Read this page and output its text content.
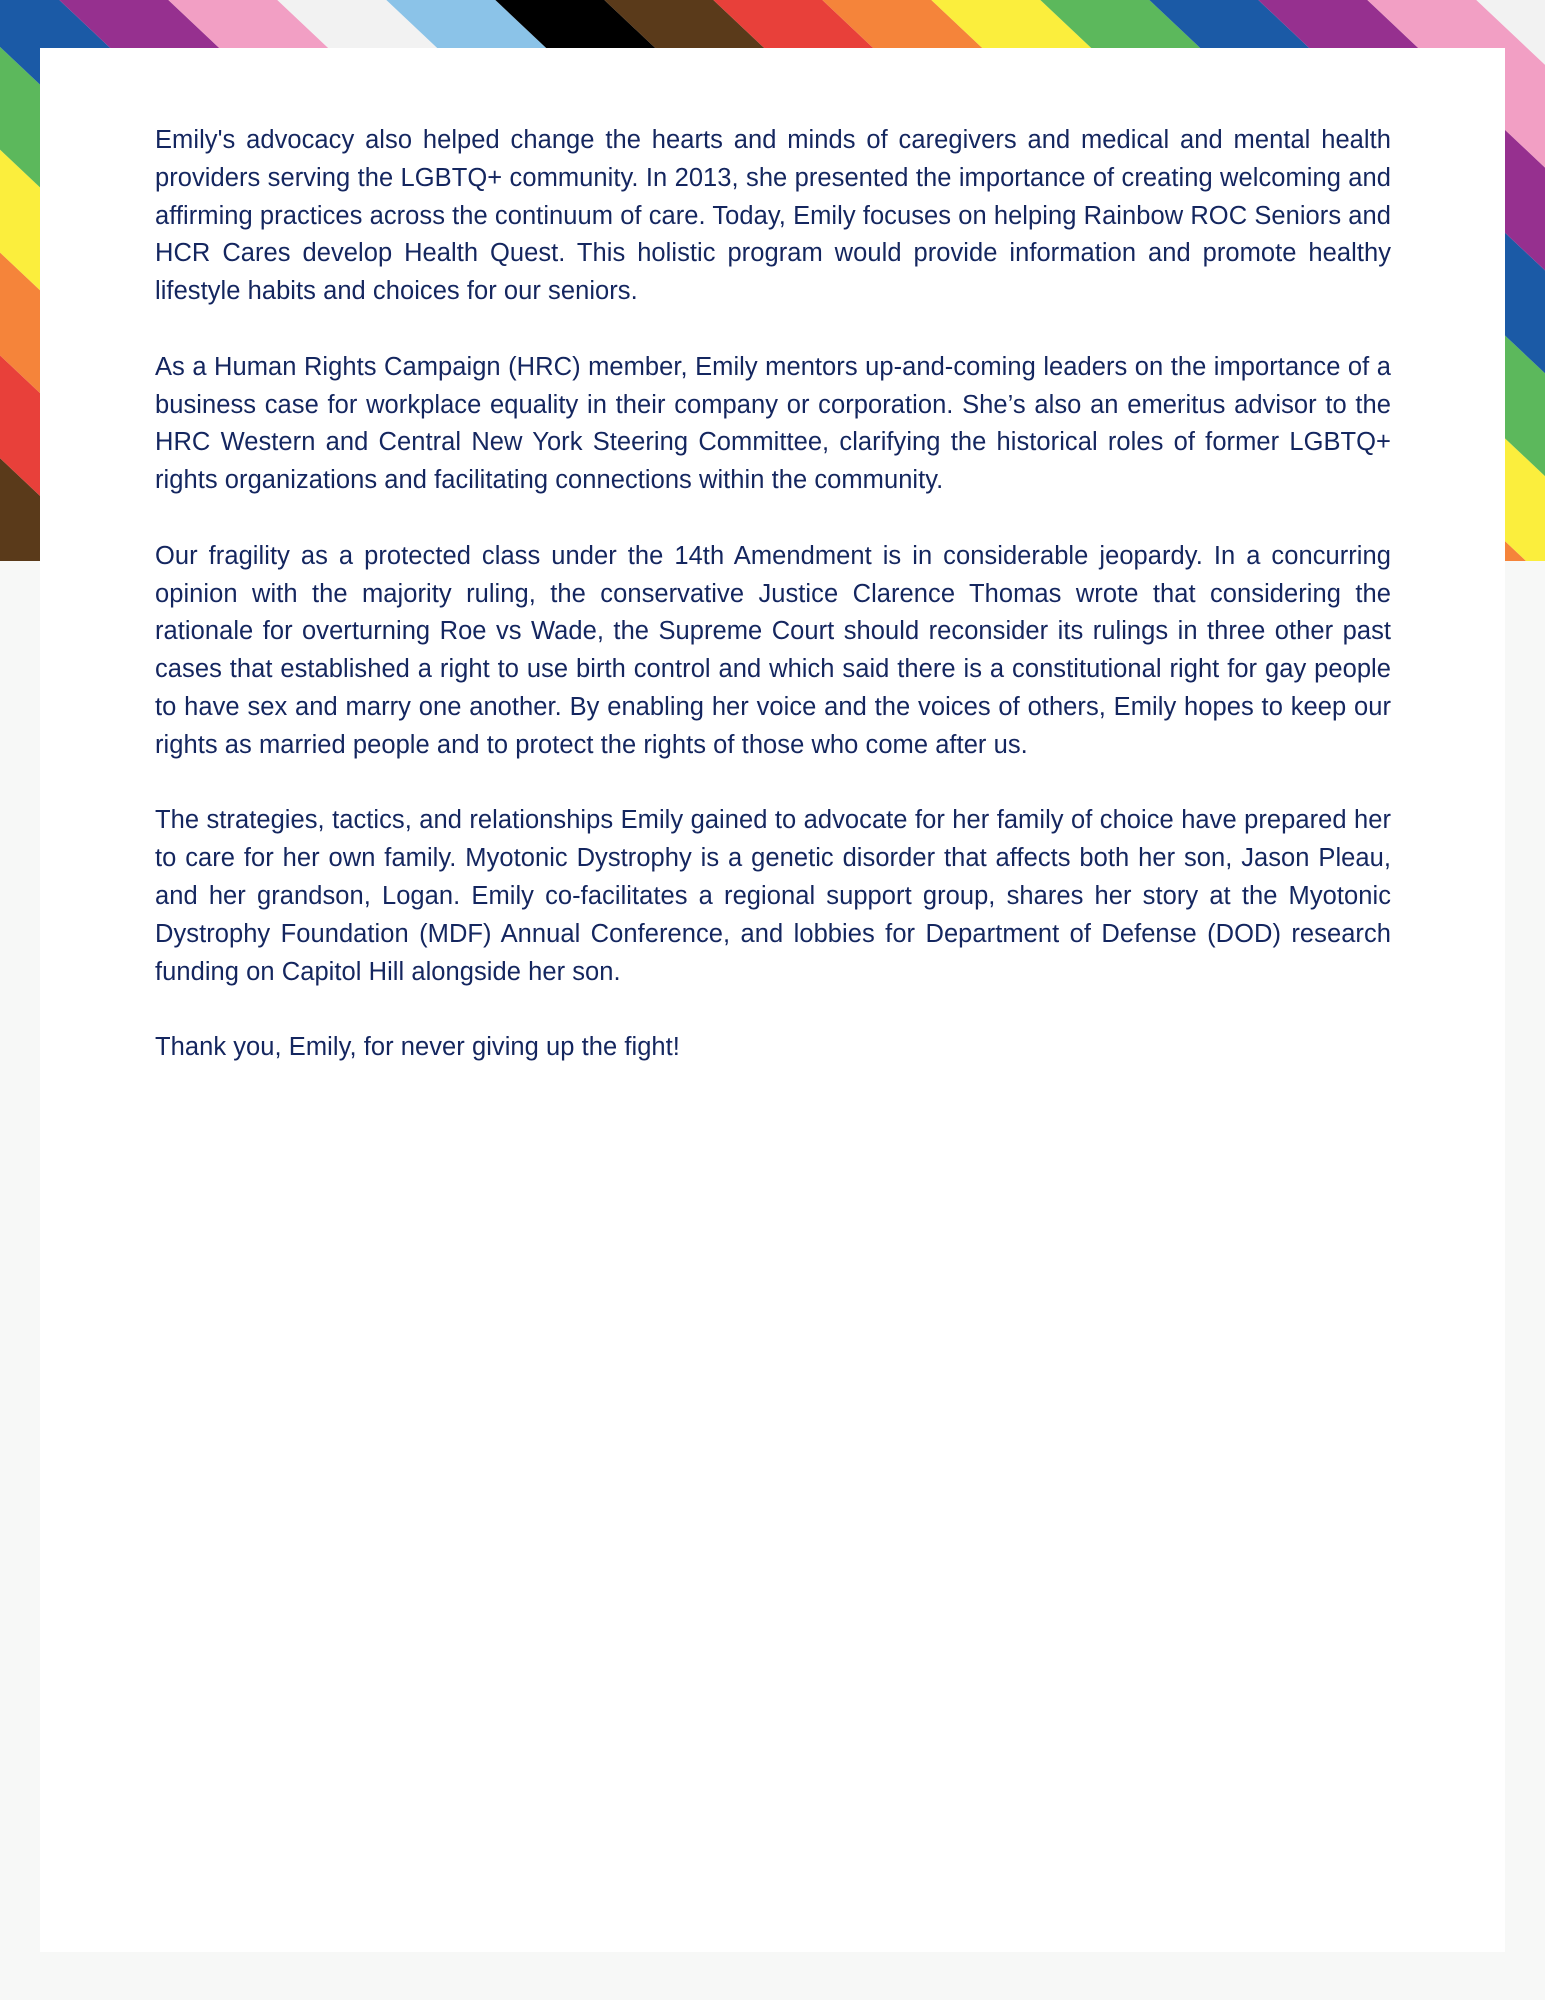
Emily's advocacy also helped change the hearts and minds of caregivers and medical and mental health providers serving the LGBTQ+ community. In 2013, she presented the importance of creating welcoming and affirming practices across the continuum of care. Today, Emily focuses on helping Rainbow ROC Seniors and HCR Cares develop Health Quest. This holistic program would provide information and promote healthy lifestyle habits and choices for our seniors.

As a Human Rights Campaign (HRC) member, Emily mentors up-and-coming leaders on the importance of a business case for workplace equality in their company or corporation. She’s also an emeritus advisor to the HRC Western and Central New York Steering Committee, clarifying the historical roles of former LGBTQ+ rights organizations and facilitating connections within the community.

Our fragility as a protected class under the 14th Amendment is in considerable jeopardy. In a concurring opinion with the majority ruling, the conservative Justice Clarence Thomas wrote that considering the rationale for overturning Roe vs Wade, the Supreme Court should reconsider its rulings in three other past cases that established a right to use birth control and which said there is a constitutional right for gay people to have sex and marry one another. By enabling her voice and the voices of others, Emily hopes to keep our rights as married people and to protect the rights of those who come after us.

The strategies, tactics, and relationships Emily gained to advocate for her family of choice have prepared her to care for her own family. Myotonic Dystrophy is a genetic disorder that affects both her son, Jason Pleau, and her grandson, Logan. Emily co-facilitates a regional support group, shares her story at the Myotonic Dystrophy Foundation (MDF) Annual Conference, and lobbies for Department of Defense (DOD) research funding on Capitol Hill alongside her son.

Thank you, Emily, for never giving up the fight!
